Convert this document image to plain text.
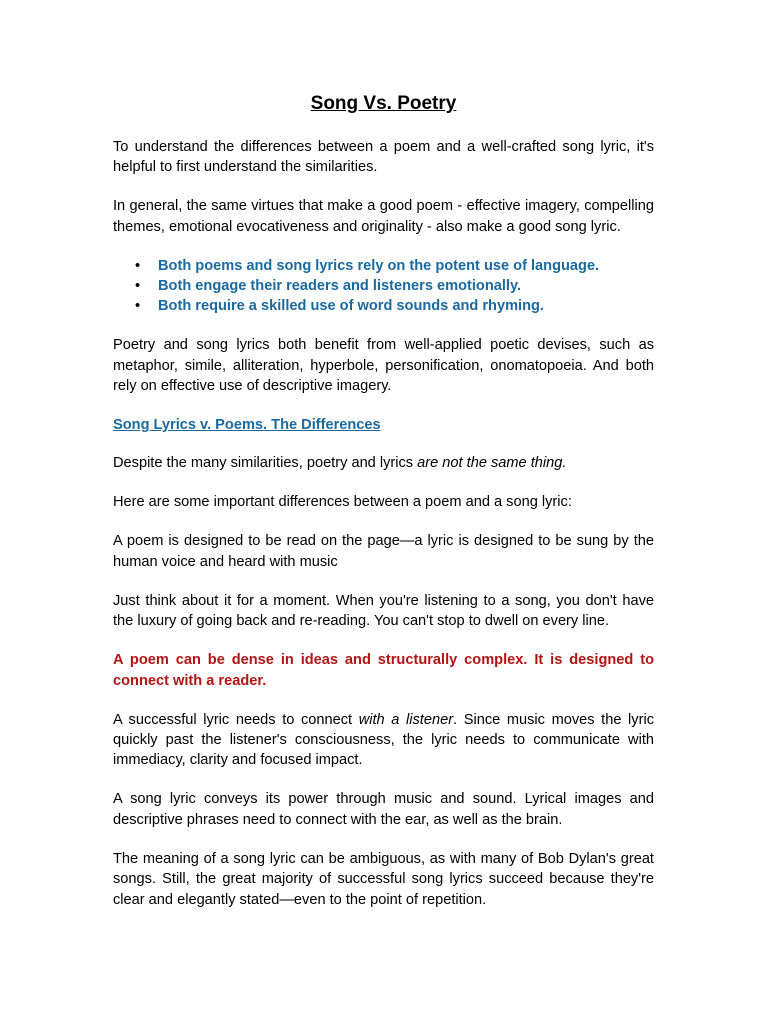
Song Vs. Poetry

To understand the differences between a poem and a well-crafted song lyric, it's helpful to first understand the similarities.

In general, the same virtues that make a good poem - effective imagery, compelling themes, emotional evocativeness and originality - also make a good song lyric.

• Both poems and song lyrics rely on the potent use of language.
• Both engage their readers and listeners emotionally.
• Both require a skilled use of word sounds and rhyming.

Poetry and song lyrics both benefit from well-applied poetic devises, such as metaphor, simile, alliteration, hyperbole, personification, onomatopoeia. And both rely on effective use of descriptive imagery.

Song Lyrics v. Poems. The Differences

Despite the many similarities, poetry and lyrics are not the same thing.

Here are some important differences between a poem and a song lyric:

A poem is designed to be read on the page—a lyric is designed to be sung by the human voice and heard with music

Just think about it for a moment. When you're listening to a song, you don't have the luxury of going back and re-reading. You can't stop to dwell on every line.

A poem can be dense in ideas and structurally complex. It is designed to connect with a reader.

A successful lyric needs to connect with a listener. Since music moves the lyric quickly past the listener's consciousness, the lyric needs to communicate with immediacy, clarity and focused impact.

A song lyric conveys its power through music and sound. Lyrical images and descriptive phrases need to connect with the ear, as well as the brain.

The meaning of a song lyric can be ambiguous, as with many of Bob Dylan's great songs. Still, the great majority of successful song lyrics succeed because they're clear and elegantly stated—even to the point of repetition.
